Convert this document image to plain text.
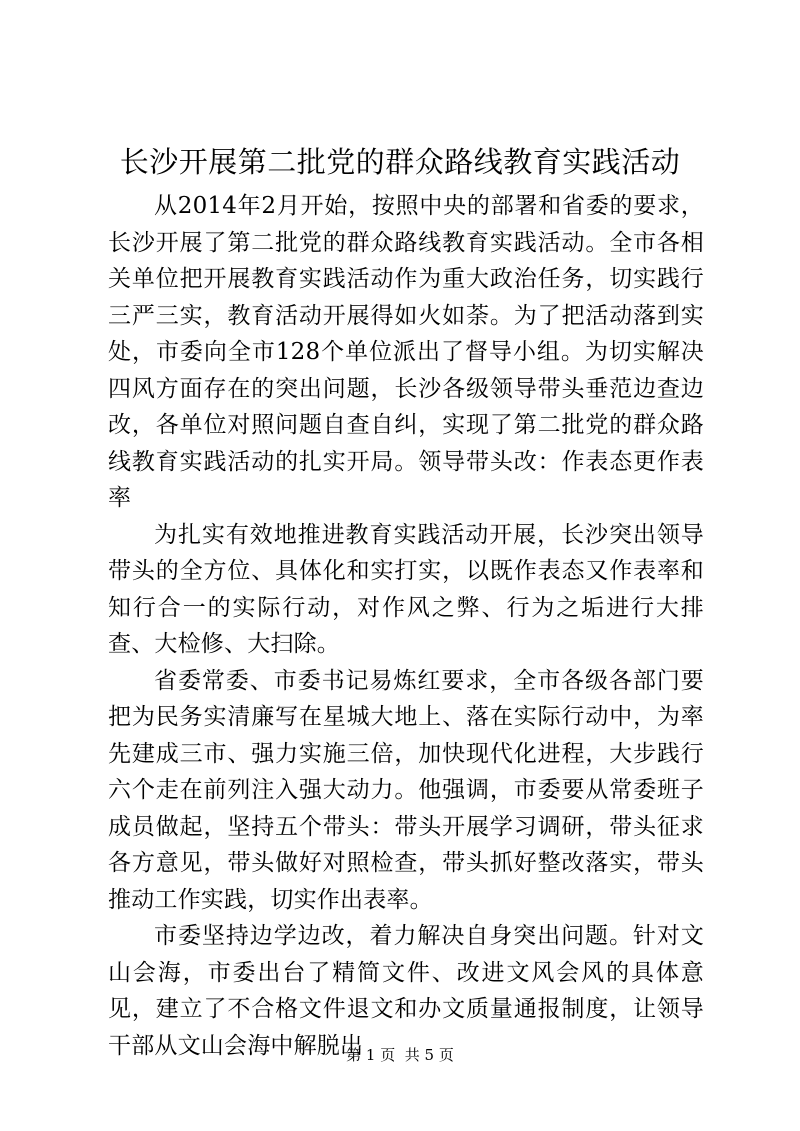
长沙开展第二批党的群众路线教育实践活动

从2014年2月开始，按照中央的部署和省委的要求，长沙开展了第二批党的群众路线教育实践活动。全市各相关单位把开展教育实践活动作为重大政治任务，切实践行三严三实，教育活动开展得如火如荼。为了把活动落到实处，市委向全市128个单位派出了督导小组。为切实解决四风方面存在的突出问题，长沙各级领导带头垂范边查边改，各单位对照问题自查自纠，实现了第二批党的群众路线教育实践活动的扎实开局。领导带头改：作表态更作表率

为扎实有效地推进教育实践活动开展，长沙突出领导带头的全方位、具体化和实打实，以既作表态又作表率和知行合一的实际行动，对作风之弊、行为之垢进行大排查、大检修、大扫除。

省委常委、市委书记易炼红要求，全市各级各部门要把为民务实清廉写在星城大地上、落在实际行动中，为率先建成三市、强力实施三倍，加快现代化进程，大步践行六个走在前列注入强大动力。他强调，市委要从常委班子成员做起，坚持五个带头：带头开展学习调研，带头征求各方意见，带头做好对照检查，带头抓好整改落实，带头推动工作实践，切实作出表率。

市委坚持边学边改，着力解决自身突出问题。针对文山会海，市委出台了精简文件、改进文风会风的具体意见，建立了不合格文件退文和办文质量通报制度，让领导干部从文山会海中解脱出

第 1 页  共 5 页
